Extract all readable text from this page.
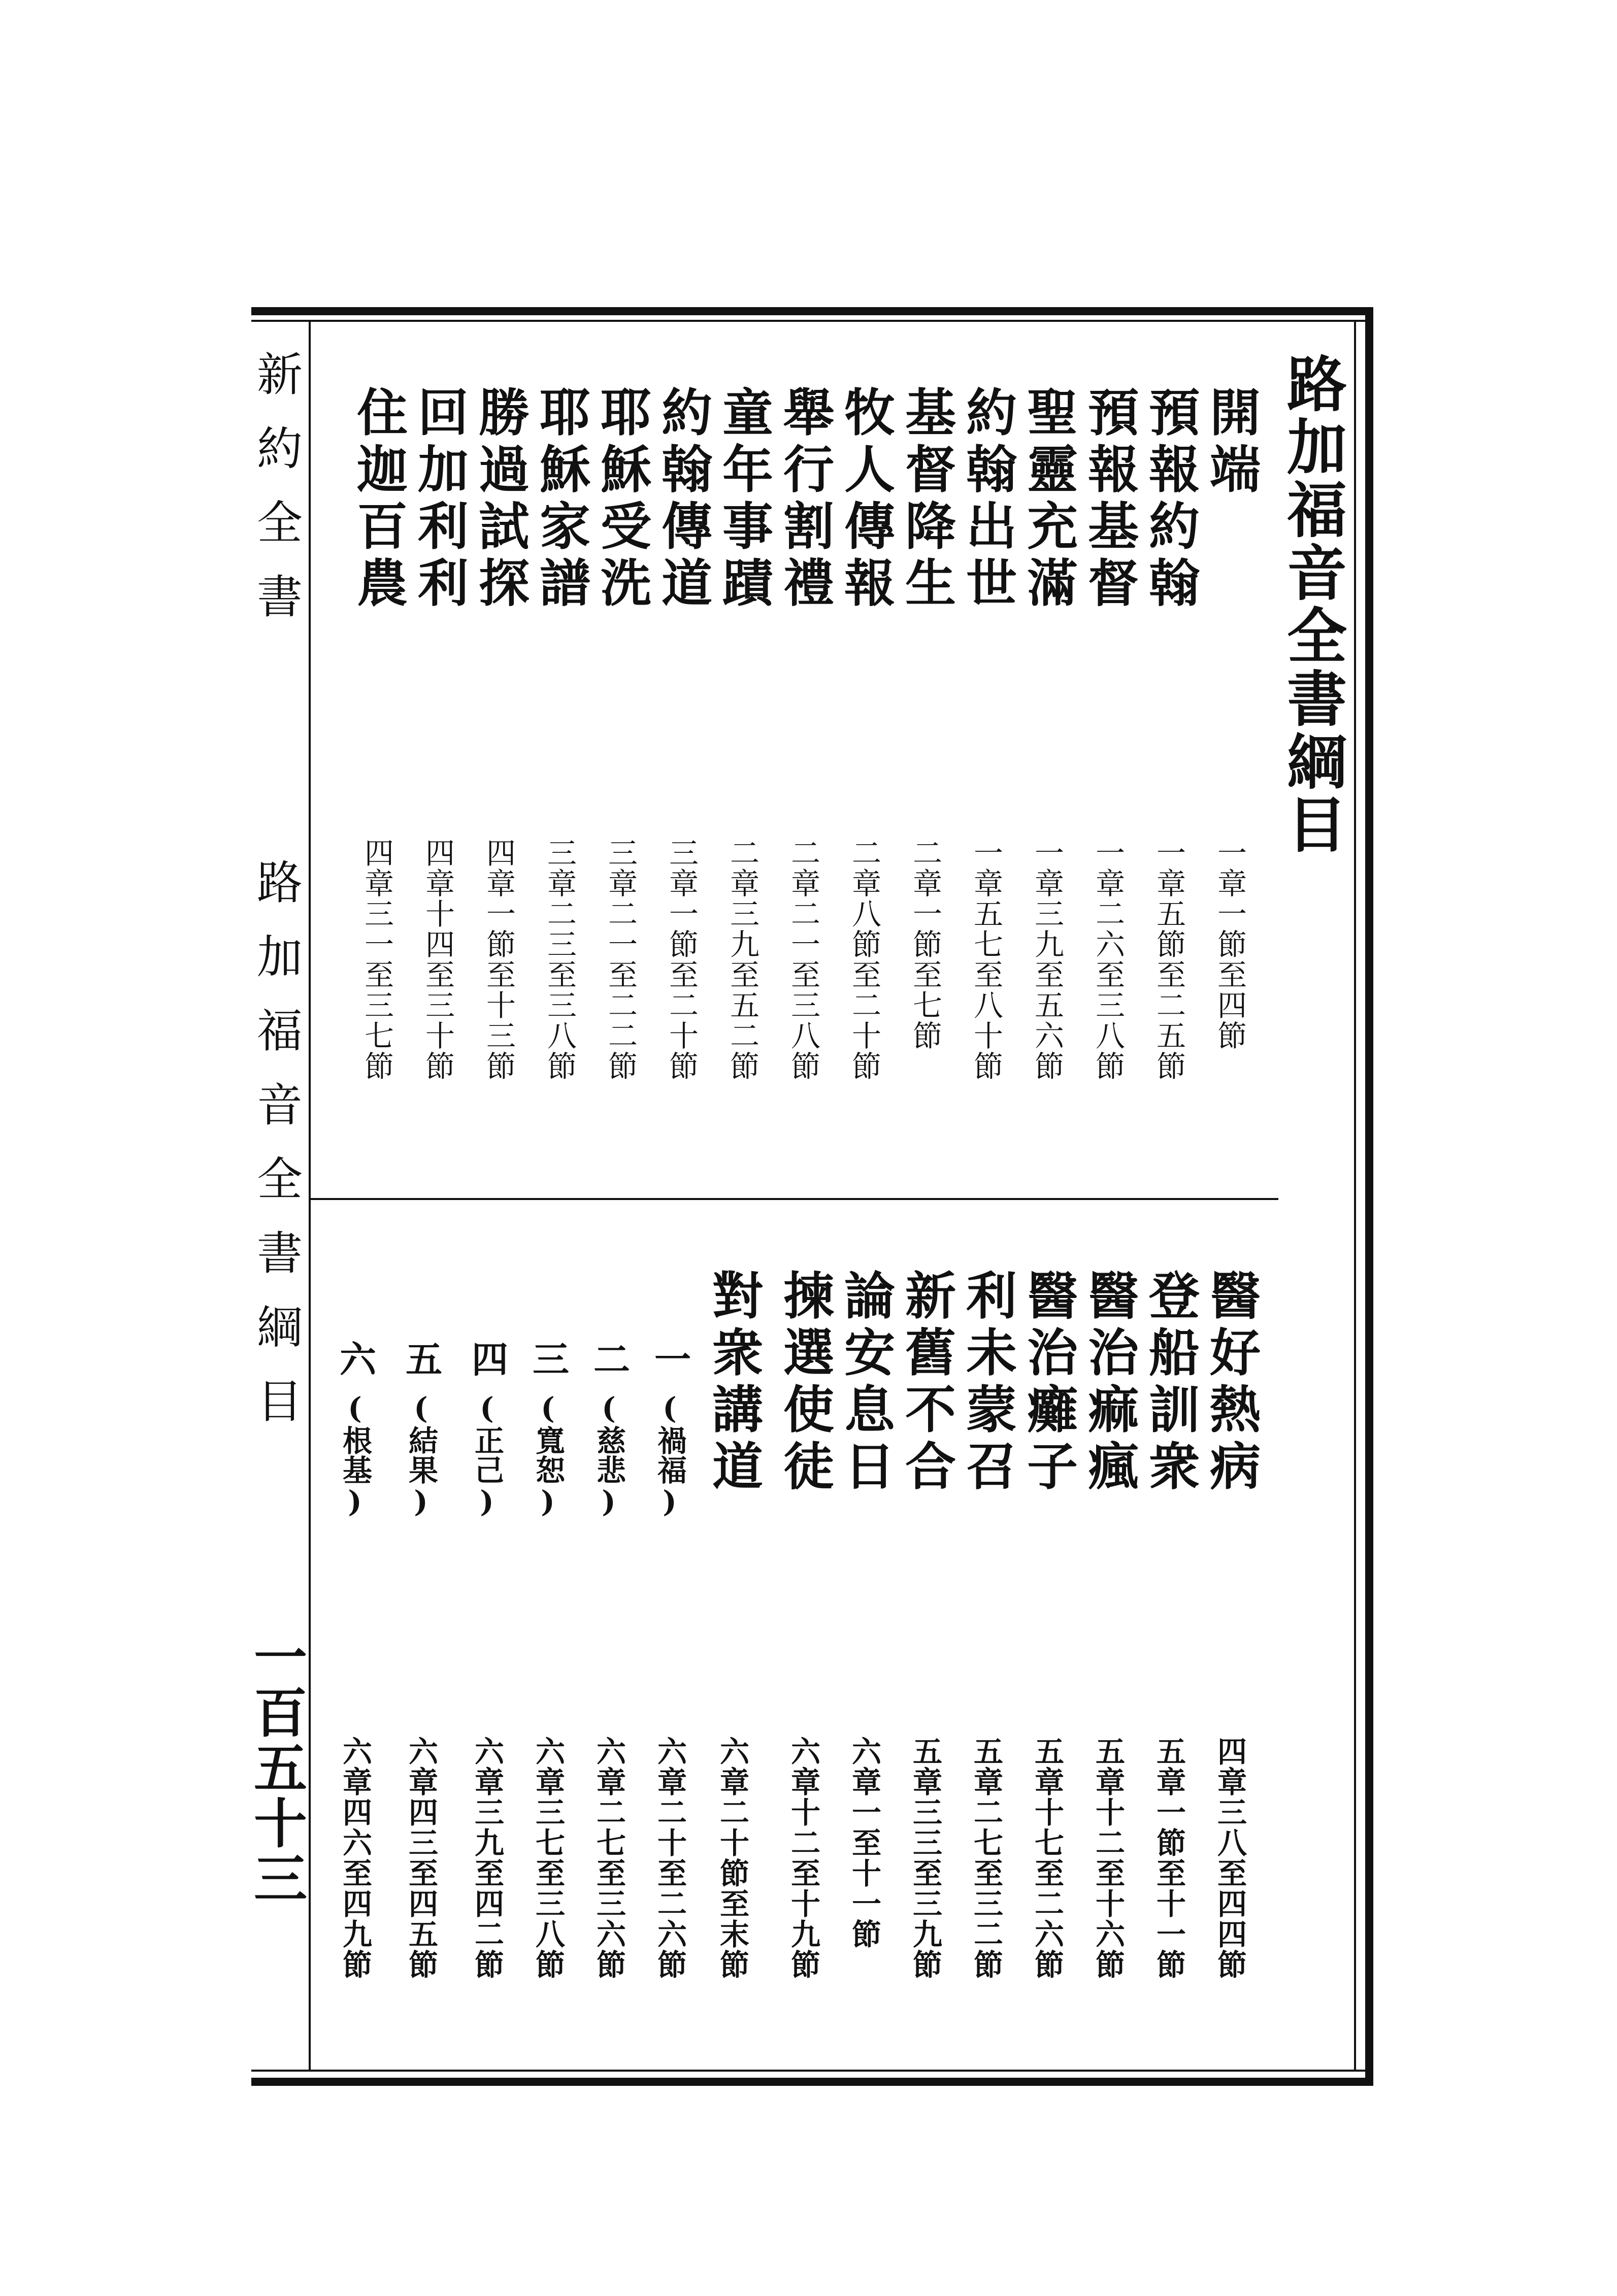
路加福音全書綱目
開端
一章一節至四節
預報約翰
一章五節至二五節
預報基督
一章二六至三八節
聖靈充滿
一章三九至五六節
約翰出世
一章五七至八十節
基督降生
二章一節至七節
牧人傳報
二章八節至二十節
舉行割禮
二章二一至三八節
童年事蹟
二章三九至五二節
約翰傳道
三章一節至二十節
耶穌受洗
三章二一至二二節
耶穌家譜
三章二三至三八節
勝過試探
四章一節至十三節
回加利利
四章十四至三十節
住迦百農
四章三一至三七節
醫好熱病
四章三八至四四節
登船訓衆
五章一節至十一節
醫治痲瘋
五章十二至十六節
醫治癱子
五章十七至二六節
利未蒙召
五章二七至三二節
新舊不合
五章三三至三九節
論安息日
六章一至十一節
揀選使徒
六章十二至十九節
對衆講道
六章二十節至末節
一
(禍福)
六章二十至二六節
二
(慈悲)
六章二七至三六節
三
(寬恕)
六章三七至三八節
四
(正己)
六章三九至四二節
五
(結果)
六章四三至四五節
六
(根基)
六章四六至四九節
新約全書  路加福音全書綱目
一百五十三
